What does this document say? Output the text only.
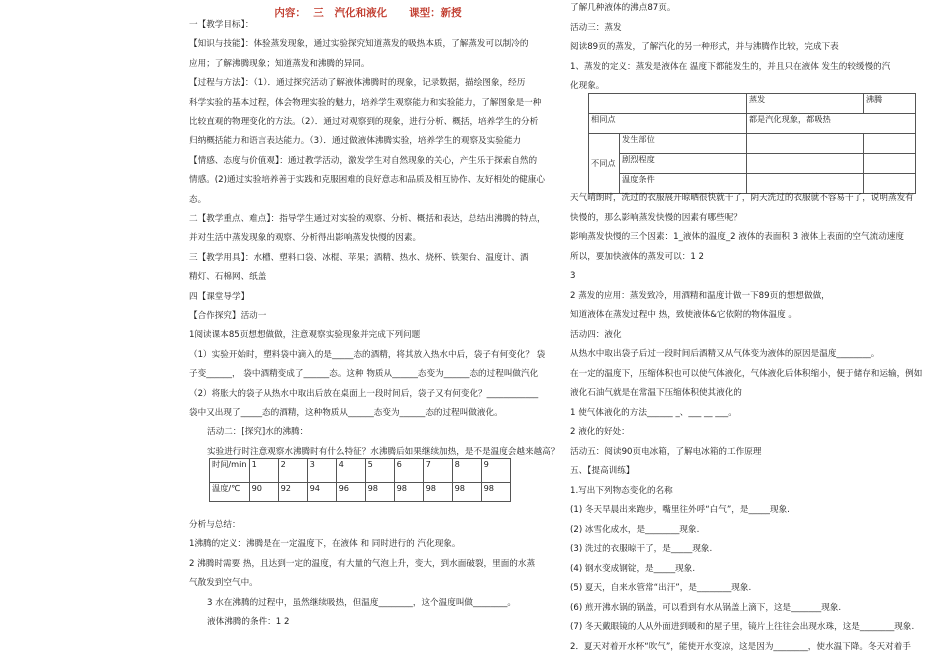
内容：  三   汽化和液化      课型：新授
一【教学目标】：
【知识与技能】：体验蒸发现象，通过实验探究知道蒸发的吸热本质，了解蒸发可以制冷的
应用；了解沸腾现象；知道蒸发和沸腾的异同。
【过程与方法】：（1）．通过探究活动了解液体沸腾时的现象，记录数据，描绘图象，经历
科学实验的基本过程，体会物理实验的魅力，培养学生观察能力和实验能力，了解图象是一种
比较直观的物理变化的方法。（2）．通过对观察到的现象，进行分析、概括，培养学生的分析
归纳概括能力和语言表达能力。（3）．通过做液体沸腾实验，培养学生的观察及实验能力
【情感、态度与价值观】：通过教学活动，激发学生对自然现象的关心，产生乐于探索自然的
情感。(2)通过实验培养善于实践和克服困难的良好意志和品质及相互协作、友好相处的健康心
态。
二【教学重点、难点】：指导学生通过对实验的观察、分析、概括和表达，总结出沸腾的特点，
并对生活中蒸发现象的观察、分析得出影响蒸发快慢的因素。
三【教学用具】：水槽、塑料口袋、冰棍、苹果；酒精、热水、烧杯、铁架台、温度计、酒
精灯、石棉网、纸盖
四【课堂导学】
【合作探究】活动一
1阅读课本85页想想做做，注意观察实验现象并完成下列问题
（1）实验开始时，塑料袋中滴入的是_____态的酒精，将其放入热水中后，袋子有何变化？ 袋
子变______， 袋中酒精变成了______态。这种 物质从______态变为______态的过程叫做汽化
（2）将胀大的袋子从热水中取出后放在桌面上一段时间后，袋子又有何变化？____________
袋中又出现了_____态的酒精，这种物质从______态变为______态的过程叫做液化。
活动二：[探究]水的沸腾：
实验进行时注意观察水沸腾时有什么特征？水沸腾后如果继续加热，是不是温度会越来越高？
时间/min	1	2	3	4	5	6	7	8	9
温度/℃	90	92	94	96	98	98	98	98	98
分析与总结：
1沸腾的定义：沸腾是在一定温度下，在液体 和 同时进行的 汽化现象。
2 沸腾时需要 热，且达到一定的温度，有大量的气泡上升，变大，到水面破裂，里面的水蒸
气散发到空气中。
3 水在沸腾的过程中，虽然继续吸热，但温度________，这个温度叫做________。
液体沸腾的条件：1 2
了解几种液体的沸点87页。
活动三：蒸发
阅读89页的蒸发，了解汽化的另一种形式，并与沸腾作比较，完成下表
1、蒸发的定义：蒸发是液体在 温度下都能发生的，并且只在液体 发生的较缓慢的汽
化现象。
		蒸发	沸腾
相同点		都是汽化现象，都吸热	
不同点	发生部位		
	剧烈程度		
	温度条件		
天气晴朗时，洗过的衣服展开晾晒很快就干了，阴天洗过的衣服就不容易干了，说明蒸发有
快慢的，那么影响蒸发快慢的因素有哪些呢？
影响蒸发快慢的三个因素：1_液体的温度_2 液体的表面积 3 液体上表面的空气流动速度
所以，要加快液体的蒸发可以：1 2
3
2 蒸发的应用：蒸发致冷，用酒精和温度计做一下89页的想想做做，
知道液体在蒸发过程中 热，致使液体&它依附的物体温度 。
活动四：液化
从热水中取出袋子后过一段时间后酒精又从气体变为液体的原因是温度________。
在一定的温度下，压缩体积也可以使气体液化，气体液化后体积缩小，便于储存和运输，例如
液化石油气就是在常温下压缩体积使其液化的
1 使气体液化的方法______ _、___ __ ___。
2 液化的好处：
活动五：阅读90页电冰箱，了解电冰箱的工作原理
五、【提高训练】
1.写出下列物态变化的名称
(1) 冬天早晨出来跑步，嘴里往外呼“白气”，是_____现象.
(2) 冰雪化成水，是________现象.
(3) 洗过的衣服晾干了，是_____现象.
(4) 钢水变成钢锭，是_____现象.
(5) 夏天，自来水管常“出汗”，是________现象.
(6) 煎开沸水锅的锅盖，可以看到有水从锅盖上滴下，这是_______现象.
(7) 冬天戴眼镜的人从外面进到暖和的屋子里，镜片上往往会出现水珠，这是________现象.
2．夏天对着开水杯“吹气”，能使开水变凉，这是因为________，使水温下降。冬天对着手
